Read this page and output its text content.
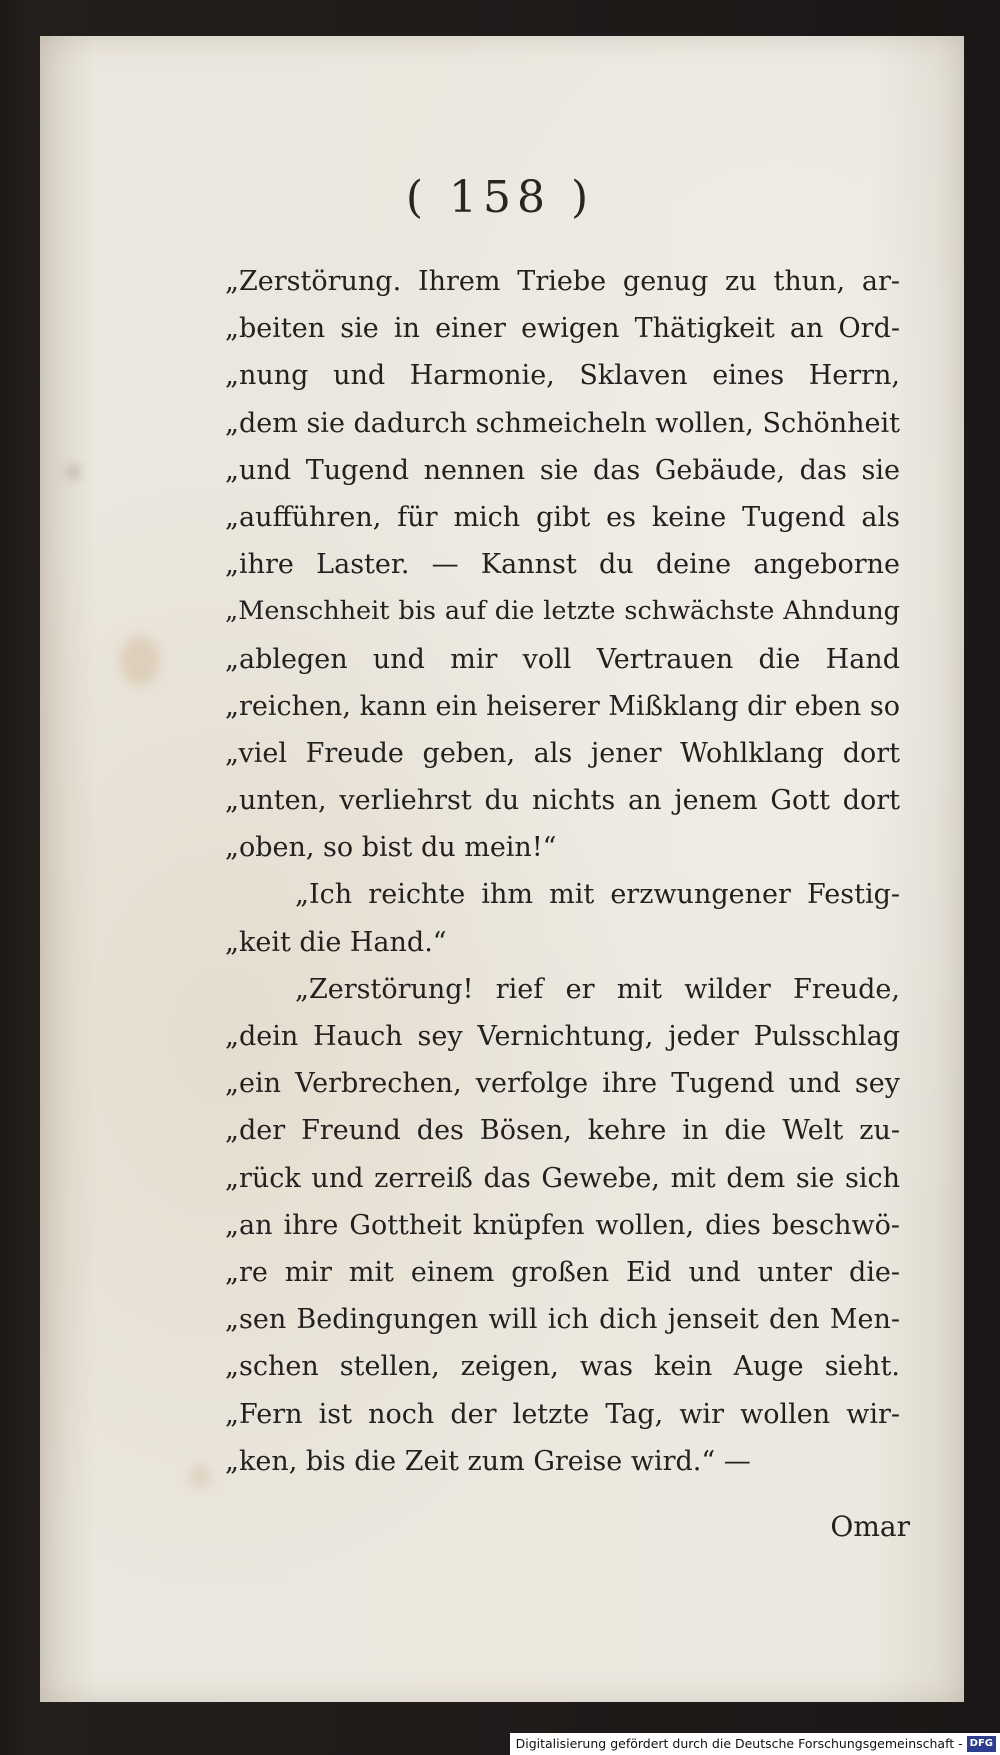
( 158 )
„Zerstörung. Ihrem Triebe genug zu thun, ar-
„beiten sie in einer ewigen Thätigkeit an Ord-
„nung und Harmonie, Sklaven eines Herrn,
„dem sie dadurch schmeicheln wollen, Schönheit
„und Tugend nennen sie das Gebäude, das sie
„aufführen, für mich gibt es keine Tugend als
„ihre Laster. — Kannst du deine angeborne
„Menschheit bis auf die letzte schwächste Ahndung
„ablegen und mir voll Vertrauen die Hand
„reichen, kann ein heiserer Mißklang dir eben so
„viel Freude geben, als jener Wohlklang dort
„unten, verliehrst du nichts an jenem Gott dort
„oben, so bist du mein!“
„Ich reichte ihm mit erzwungener Festig-
„keit die Hand.“
„Zerstörung! rief er mit wilder Freude,
„dein Hauch sey Vernichtung, jeder Pulsschlag
„ein Verbrechen, verfolge ihre Tugend und sey
„der Freund des Bösen, kehre in die Welt zu-
„rück und zerreiß das Gewebe, mit dem sie sich
„an ihre Gottheit knüpfen wollen, dies beschwö-
„re mir mit einem großen Eid und unter die-
„sen Bedingungen will ich dich jenseit den Men-
„schen stellen, zeigen, was kein Auge sieht.
„Fern ist noch der letzte Tag, wir wollen wir-
„ken, bis die Zeit zum Greise wird.“ —
Omar
Digitalisierung gefördert durch die Deutsche Forschungsgemeinschaft - DFG
